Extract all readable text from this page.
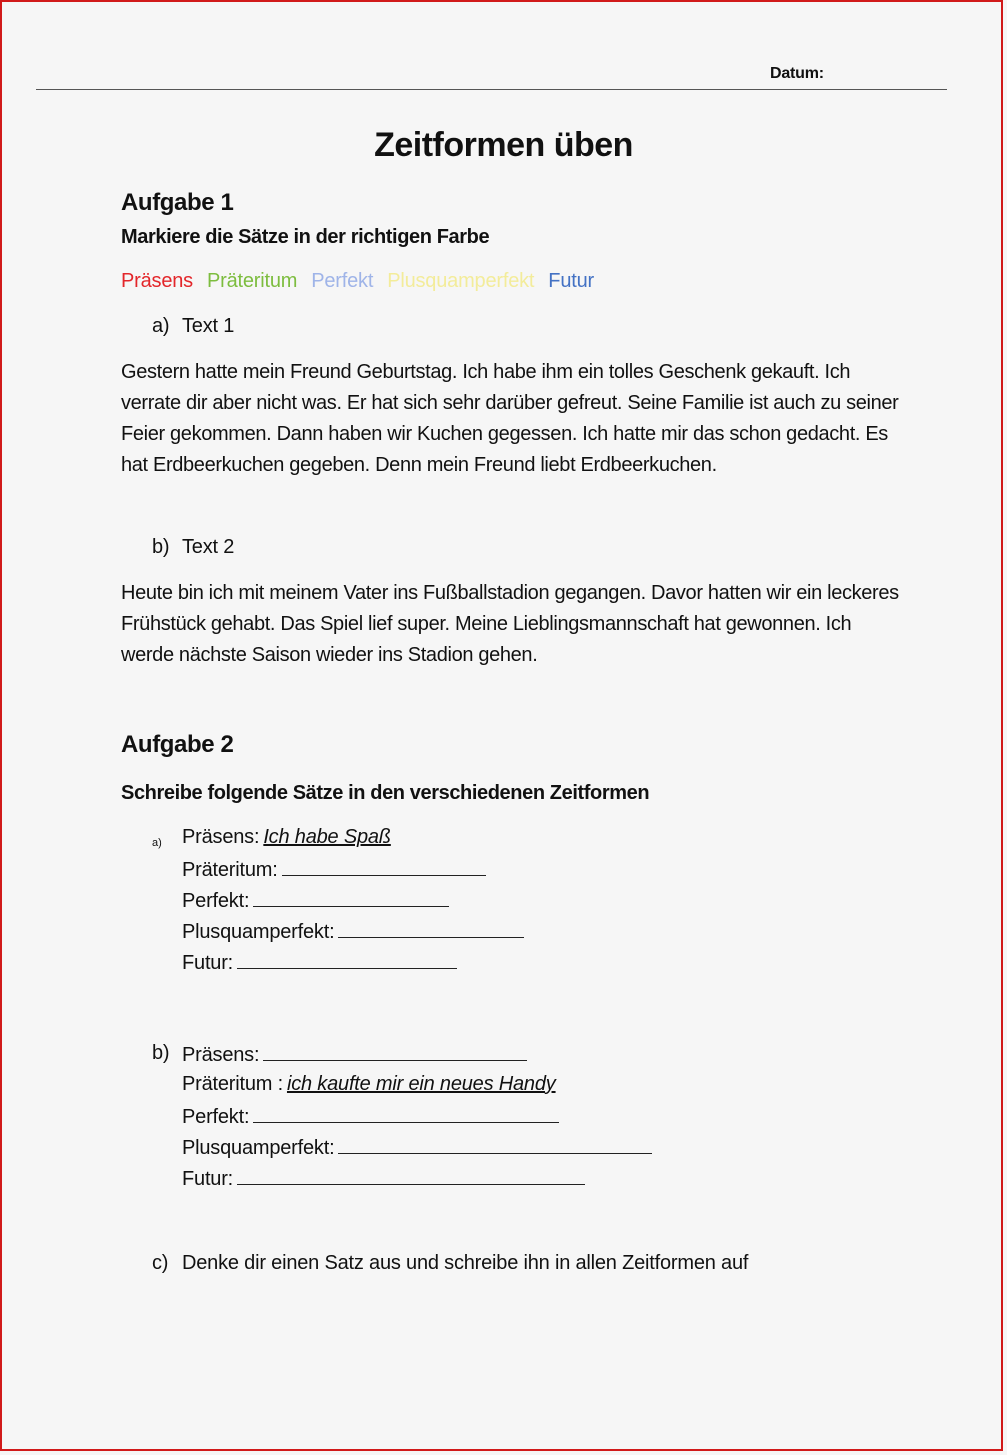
Datum:
Zeitformen üben
Aufgabe 1
Markiere die Sätze in der richtigen Farbe
Präsens Präteritum Perfekt Plusquamperfekt Futur
a) Text 1
Gestern hatte mein Freund Geburtstag. Ich habe ihm ein tolles Geschenk gekauft. Ich verrate dir aber nicht was. Er hat sich sehr darüber gefreut. Seine Familie ist auch zu seiner Feier gekommen. Dann haben wir Kuchen gegessen. Ich hatte mir das schon gedacht. Es hat Erdbeerkuchen gegeben. Denn mein Freund liebt Erdbeerkuchen.
b) Text 2
Heute bin ich mit meinem Vater ins Fußballstadion gegangen. Davor hatten wir ein leckeres Frühstück gehabt. Das Spiel lief super. Meine Lieblingsmannschaft hat gewonnen. Ich werde nächste Saison wieder ins Stadion gehen.
Aufgabe 2
Schreibe folgende Sätze in den verschiedenen Zeitformen
a) Präsens: Ich habe Spaß
Präteritum:
Perfekt:
Plusquamperfekt:
Futur:
b) Präsens:
Präteritum : ich kaufte mir ein neues Handy
Perfekt:
Plusquamperfekt:
Futur:
c) Denke dir einen Satz aus und schreibe ihn in allen Zeitformen auf
